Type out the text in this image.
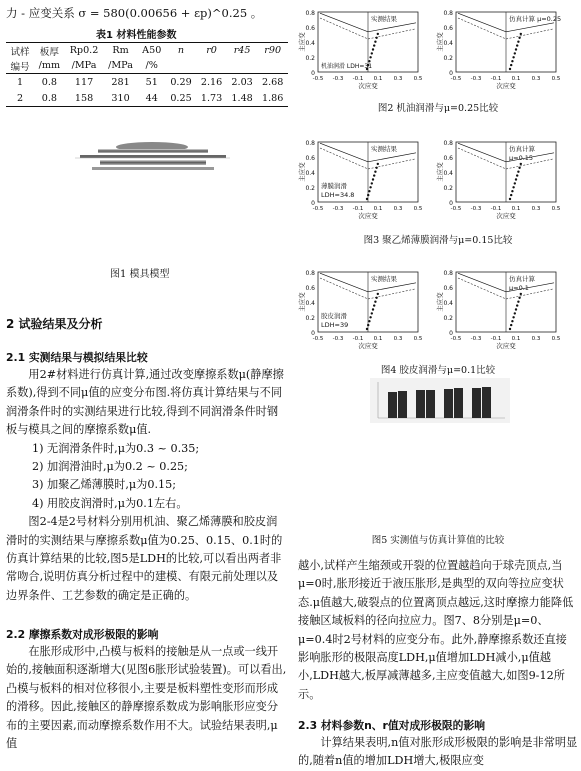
力 - 应变关系 σ = 580(0.00656 + εp)^0.25 。
表1 材料性能参数
试样	板厚	Rp0.2	Rm	A50	n	r0	r45	r90
编号	/mm	/MPa	/MPa	/%				
1	0.8	117	281	51	0.29	2.16	2.03	2.68
2	0.8	158	310	44	0.25	1.73	1.48	1.86
图1 模具模型
2 试验结果及分析
2.1 实测结果与模拟结果比较

用2#材料进行仿真计算,通过改变摩擦系数μ(静摩擦系数),得到不同μ值的应变分布图.将仿真计算结果与不同润滑条件时的实测结果进行比较,得到不同润滑条件时钢板与模具之间的摩擦系数μ值.

1) 无润滑条件时,μ为0.3 ~ 0.35;
2) 加润滑油时,μ为0.2 ~ 0.25;
3) 加聚乙烯薄膜时,μ为0.15;
4) 用胶皮润滑时,μ为0.1左右。

图2-4是2号材料分别用机油、聚乙烯薄膜和胶皮润滑时的实测结果与摩擦系数μ值为0.25、0.15、0.1时的仿真计算结果的比较,图5是LDH的比较,可以看出两者非常吻合,说明仿真分析过程中的建模、有限元前处理以及边界条件、工艺参数的确定是正确的。

2.2 摩擦系数对成形极限的影响

在胀形成形中,凸模与板料的接触是从一点或一线开始的,接触面积逐渐增大(见图6胀形试验装置)。可以看出,凸模与板料的相对位移很小,主要是板料塑性变形而形成的滑移。因此,接触区的静摩擦系数成为影响胀形应变分布的主要因素,而动摩擦系数作用不大。试验结果表明,μ值

0.8
0.6
0.4
0.2
0
-0.5 -0.3 -0.1 0.1 0.3 0.5
次应变
主应变
实测结果
机油润滑 LDH=31
0.8
0.6
0.4
0.2
0
-0.5 -0.3 -0.1 0.1 0.3 0.5
次应变
主应变
仿真计算 μ=0.25
0.8
0.6
0.4
0.2
0
-0.5 -0.3 -0.1 0.1 0.3 0.5
次应变
主应变
实测结果
薄膜润滑
LDH=34.8
0.8
0.6
0.4
0.2
0
-0.5 -0.3 -0.1 0.1 0.3 0.5
次应变
主应变
仿真计算
μ=0.15
0.8
0.6
0.4
0.2
0
-0.5 -0.3 -0.1 0.1 0.3 0.5
次应变
主应变
实测结果
胶皮润滑
LDH=39
0.8
0.6
0.4
0.2
0
-0.5 -0.3 -0.1 0.1 0.3 0.5
次应变
主应变
仿真计算
μ=0.1
图2 机油润滑与μ=0.25比较
图3 聚乙烯薄膜润滑与μ=0.15比较
图4 胶皮润滑与μ=0.1比较
图5 实测值与仿真计算值的比较

越小,试样产生缩颈或开裂的位置越趋向于球壳顶点,当μ=0时,胀形接近于液压胀形,是典型的双向等拉应变状态.μ值越大,破裂点的位置离顶点越远,这时摩擦力能降低接触区域板料的径向拉应力。图7、8分别是μ=0、μ=0.4时2号材料的应变分布。此外,静摩擦系数还直接影响胀形的极限高度LDH,μ值增加LDH减小,μ值越小,LDH越大,板厚减薄越多,主应变值越大,如图9-12所示。

2.3 材料参数n、r值对成形极限的影响

计算结果表明,n值对胀形成形极限的影响是非常明显的,随着n值的增加LDH增大,极限应变
